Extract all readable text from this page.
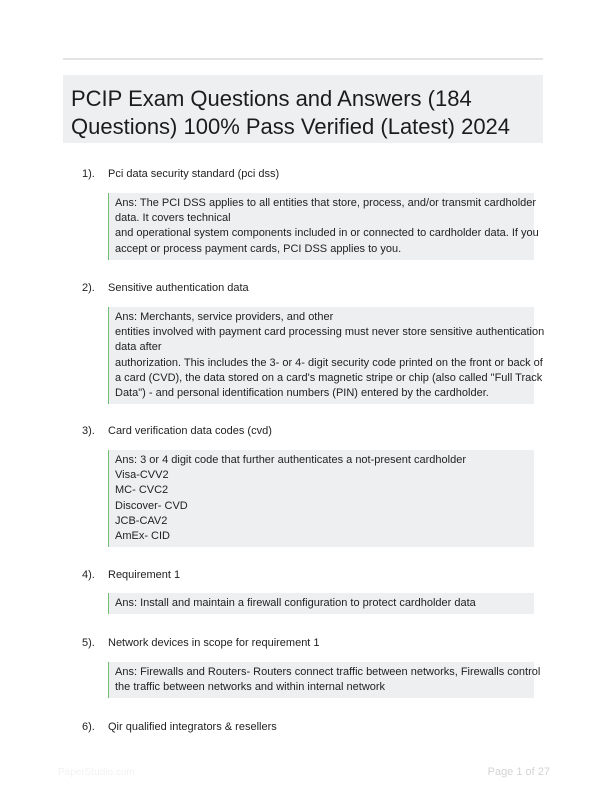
PCIP Exam Questions and Answers (184 Questions) 100% Pass Verified (Latest) 2024
1). Pci data security standard (pci dss)
Ans: The PCI DSS applies to all entities that store, process, and/or transmit cardholder
data. It covers technical
and operational system components included in or connected to cardholder data. If you
accept or process payment cards, PCI DSS applies to you.
2). Sensitive authentication data
Ans: Merchants, service providers, and other
entities involved with payment card processing must never store sensitive authentication
data after
authorization. This includes the 3- or 4- digit security code printed on the front or back of
a card (CVD), the data stored on a card's magnetic stripe or chip (also called "Full Track
Data") - and personal identification numbers (PIN) entered by the cardholder.
3). Card verification data codes (cvd)
Ans: 3 or 4 digit code that further authenticates a not-present cardholder
Visa-CVV2
MC- CVC2
Discover- CVD
JCB-CAV2
AmEx- CID
4). Requirement 1
Ans: Install and maintain a firewall configuration to protect cardholder data
5). Network devices in scope for requirement 1
Ans: Firewalls and Routers- Routers connect traffic between networks, Firewalls control
the traffic between networks and within internal network
6). Qir qualified integrators & resellers
PaperStudio.com	Page 1 of 27
